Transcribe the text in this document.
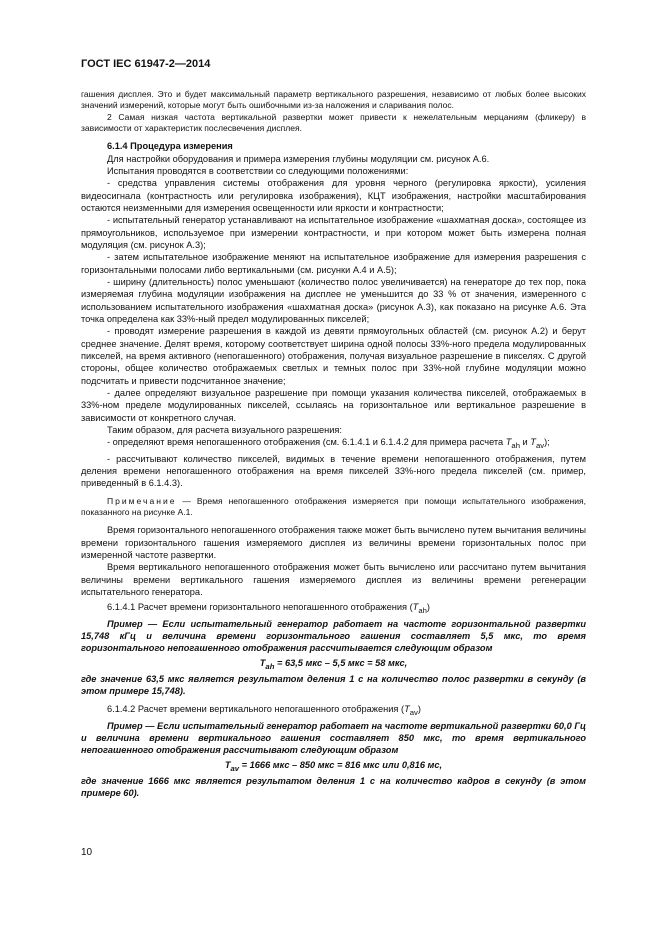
ГОСТ IEC 61947-2—2014

гашения дисплея. Это и будет максимальный параметр вертикального разрешения, независимо от любых более высоких значений измерений, которые могут быть ошибочными из-за наложения и сларивания полос.

2 Самая низкая частота вертикальной развертки может привести к нежелательным мерцаниям (фликеру) в зависимости от характеристик послесвечения дисплея.

6.1.4 Процедура измерения

Для настройки оборудования и примера измерения глубины модуляции см. рисунок А.6.

Испытания проводятся в соответствии со следующими положениями:

- средства управления системы отображения для уровня черного (регулировка яркости), усиления видеосигнала (контрастность или регулировка изображения), КЦТ изображения, настройки масштабирования остаются неизменными для измерения освещенности или яркости и контрастности;

- испытательный генератор устанавливают на испытательное изображение «шахматная доска», состоящее из прямоугольников, используемое при измерении контрастности, и при котором может быть измерена полная модуляция (см. рисунок А.3);

- затем испытательное изображение меняют на испытательное изображение для измерения разрешения с горизонтальными полосами либо вертикальными (см. рисунки А.4 и А.5);

- ширину (длительность) полос уменьшают (количество полос увеличивается) на генераторе до тех пор, пока измеряемая глубина модуляции изображения на дисплее не уменьшится до 33 % от значения, измеренного с использованием испытательного изображения «шахматная доска» (рисунок А.3), как показано на рисунке А.6. Эта точка определена как 33%-ный предел модулированных пикселей;

- проводят измерение разрешения в каждой из девяти прямоугольных областей (см. рисунок А.2) и берут среднее значение. Делят время, которому соответствует ширина одной полосы 33%-ного предела модулированных пикселей, на время активного (непогашенного) отображения, получая визуальное разрешение в пикселях. С другой стороны, общее количество отображаемых светлых и темных полос при 33%-ной глубине модуляции можно подсчитать и привести подсчитанное значение;

- далее определяют визуальное разрешение при помощи указания количества пикселей, отображаемых в 33%-ном пределе модулированных пикселей, ссылаясь на горизонтальное или вертикальное разрешение в зависимости от конкретного случая.

Таким образом, для расчета визуального разрешения:

- определяют время непогашенного отображения (см. 6.1.4.1 и 6.1.4.2 для примера расчета $T_{ah}$ и $T_{av}$);

- рассчитывают количество пикселей, видимых в течение времени непогашенного отображения, путем деления времени непогашенного отображения на время пикселей 33%-ного предела пикселей (см. пример, приведенный в 6.1.4.3).

Примечание — Время непогашенного отображения измеряется при помощи испытательного изображения, показанного на рисунке А.1.

Время горизонтального непогашенного отображения также может быть вычислено путем вычитания величины времени горизонтального гашения измеряемого дисплея из величины времени горизонтальных полос при измеренной частоте развертки.

Время вертикального непогашенного отображения может быть вычислено или рассчитано путем вычитания величины времени вертикального гашения измеряемого дисплея из величины времени регенерации испытательного генератора.

6.1.4.1 Расчет времени горизонтального непогашенного отображения $(T_{ah})$

Пример — Если испытательный генератор работает на частоте горизонтальной развертки 15,748 кГц и величина времени горизонтального гашения составляет 5,5 мкс, то время горизонтального непогашенного отображения рассчитывается следующим образом

$T_{ah} = 63,5$ мкс – 5,5 мкс = 58 мкс,

где значение 63,5 мкс является результатом деления 1 с на количество полос развертки в секунду (в этом примере 15,748).

6.1.4.2 Расчет времени вертикального непогашенного отображения $(T_{av})$

Пример — Если испытательный генератор работает на частоте вертикальной развертки 60,0 Гц и величина времени вертикального гашения составляет 850 мкс, то время вертикального непогашенного отображения рассчитывают следующим образом

$T_{av} = 1666$ мкс – 850 мкс = 816 мкс или 0,816 мс,

где значение 1666 мкс является результатом деления 1 с на количество кадров в секунду (в этом примере 60).

10
